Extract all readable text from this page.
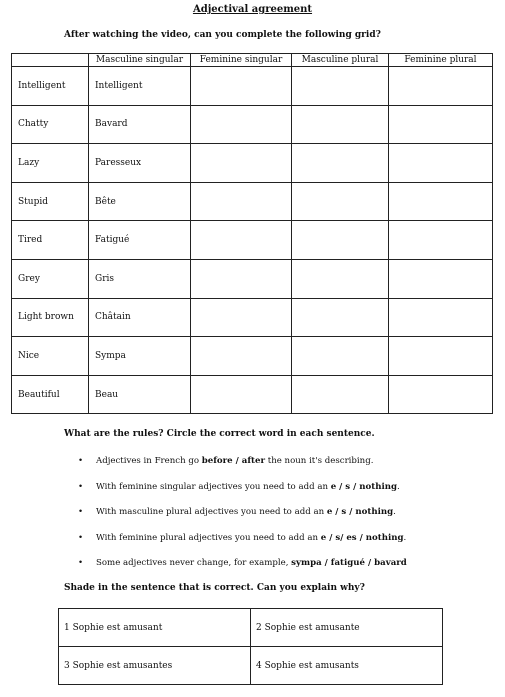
Adjectival agreement
After watching the video, can you complete the following grid?
	Masculine singular	Feminine singular	Masculine plural	Feminine plural
Intelligent	Intelligent			
Chatty	Bavard			
Lazy	Paresseux			
Stupid	Bête			
Tired	Fatigué			
Grey	Gris			
Light brown	Châtain			
Nice	Sympa			
Beautiful	Beau			
What are the rules? Circle the correct word in each sentence.
• Adjectives in French go before / after the noun it's describing.
• With feminine singular adjectives you need to add an e / s / nothing.
• With masculine plural adjectives you need to add an e / s / nothing.
• With feminine plural adjectives you need to add an e / s/ es / nothing.
• Some adjectives never change, for example, sympa / fatigué / bavard
Shade in the sentence that is correct. Can you explain why?
1 Sophie est amusant	2 Sophie est amusante
3 Sophie est amusantes	4 Sophie est amusants
